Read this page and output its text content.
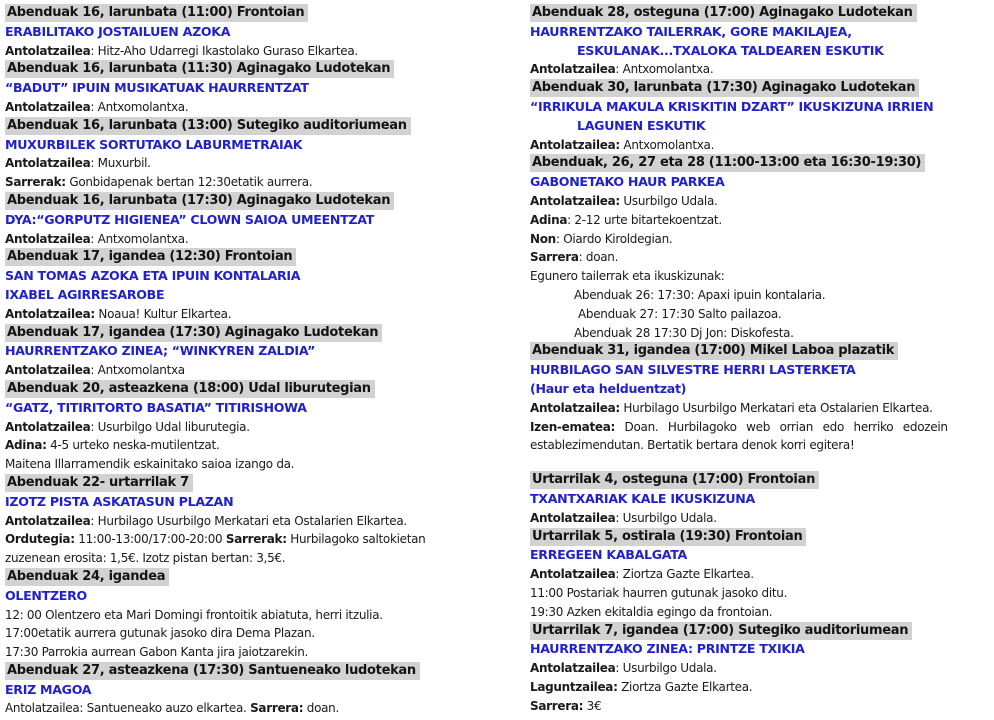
Abenduak 16, larunbata (11:00) Frontoian
ERABILITAKO JOSTAILUEN AZOKA
Antolatzailea: Hitz-Aho Udarregi Ikastolako Guraso Elkartea.
Abenduak 16, larunbata (11:30) Aginagako Ludotekan
“BADUT” IPUIN MUSIKATUAK HAURRENTZAT
Antolatzailea: Antxomolantxa.
Abenduak 16, larunbata (13:00) Sutegiko auditoriumean
MUXURBILEK SORTUTAKO LABURMETRAIAK
Antolatzailea: Muxurbil.
Sarrerak: Gonbidapenak bertan 12:30etatik aurrera.
Abenduak 16, larunbata (17:30) Aginagako Ludotekan
DYA:“GORPUTZ HIGIENEA” CLOWN SAIOA UMEENTZAT
Antolatzailea: Antxomolantxa.
Abenduak 17, igandea (12:30) Frontoian
SAN TOMAS AZOKA ETA IPUIN KONTALARIA
IXABEL AGIRRESAROBE
Antolatzailea: Noaua! Kultur Elkartea.
Abenduak 17, igandea (17:30) Aginagako Ludotekan
HAURRENTZAKO ZINEA; “WINKYREN ZALDIA”
Antolatzailea: Antxomolantxa
Abenduak 20, asteazkena (18:00) Udal liburutegian
“GATZ, TITIRITORTO BASATIA” TITIRISHOWA
Antolatzailea: Usurbilgo Udal liburutegia.
Adina: 4-5 urteko neska-mutilentzat.
Maitena Illarramendik eskainitako saioa izango da.
Abenduak 22- urtarrilak 7
IZOTZ PISTA ASKATASUN PLAZAN
Antolatzailea: Hurbilago Usurbilgo Merkatari eta Ostalarien Elkartea.
Ordutegia: 11:00-13:00/17:00-20:00 Sarrerak: Hurbilagoko saltokietan
zuzenean erosita: 1,5€. Izotz pistan bertan: 3,5€.
Abenduak 24, igandea
OLENTZERO
12: 00 Olentzero eta Mari Domingi frontoitik abiatuta, herri itzulia.
17:00etatik aurrera gutunak jasoko dira Dema Plazan.
17:30 Parrokia aurrean Gabon Kanta jira jaiotzarekin.
Abenduak 27, asteazkena (17:30) Santueneako ludotekan
ERIZ MAGOA
Antolatzailea: Santueneako auzo elkartea. Sarrera: doan.
Abenduak 28, osteguna (17:00) Aginagako Ludotekan
HAURRENTZAKO TAILERRAK, GORE MAKILAJEA,
ESKULANAK...TXALOKA TALDEAREN ESKUTIK
Antolatzailea: Antxomolantxa.
Abenduak 30, larunbata (17:30) Aginagako Ludotekan
“IRRIKULA MAKULA KRISKITIN DZART” IKUSKIZUNA IRRIEN
LAGUNEN ESKUTIK
Antolatzailea: Antxomolantxa.
Abenduak, 26, 27 eta 28 (11:00-13:00 eta 16:30-19:30)
GABONETAKO HAUR PARKEA
Antolatzailea: Usurbilgo Udala.
Adina: 2-12 urte bitartekoentzat.
Non: Oiardo Kiroldegian.
Sarrera: doan.
Egunero tailerrak eta ikuskizunak:
Abenduak 26: 17:30: Apaxi ipuin kontalaria.
Abenduak 27: 17:30 Salto pailazoa.
Abenduak 28 17:30 Dj Jon: Diskofesta.
Abenduak 31, igandea (17:00) Mikel Laboa plazatik
HURBILAGO SAN SILVESTRE HERRI LASTERKETA
(Haur eta helduentzat)
Antolatzailea: Hurbilago Usurbilgo Merkatari eta Ostalarien Elkartea.
Izen-ematea: Doan. Hurbilagoko web orrian edo herriko edozein
establezimendutan. Bertatik bertara denok korri egitera!
Urtarrilak 4, osteguna (17:00) Frontoian
TXANTXARIAK KALE IKUSKIZUNA
Antolatzailea: Usurbilgo Udala.
Urtarrilak 5, ostirala (19:30) Frontoian
ERREGEEN KABALGATA
Antolatzailea: Ziortza Gazte Elkartea.
11:00 Postariak haurren gutunak jasoko ditu.
19:30 Azken ekitaldia egingo da frontoian.
Urtarrilak 7, igandea (17:00) Sutegiko auditoriumean
HAURRENTZAKO ZINEA: PRINTZE TXIKIA
Antolatzailea: Usurbilgo Udala.
Laguntzailea: Ziortza Gazte Elkartea.
Sarrera: 3€
